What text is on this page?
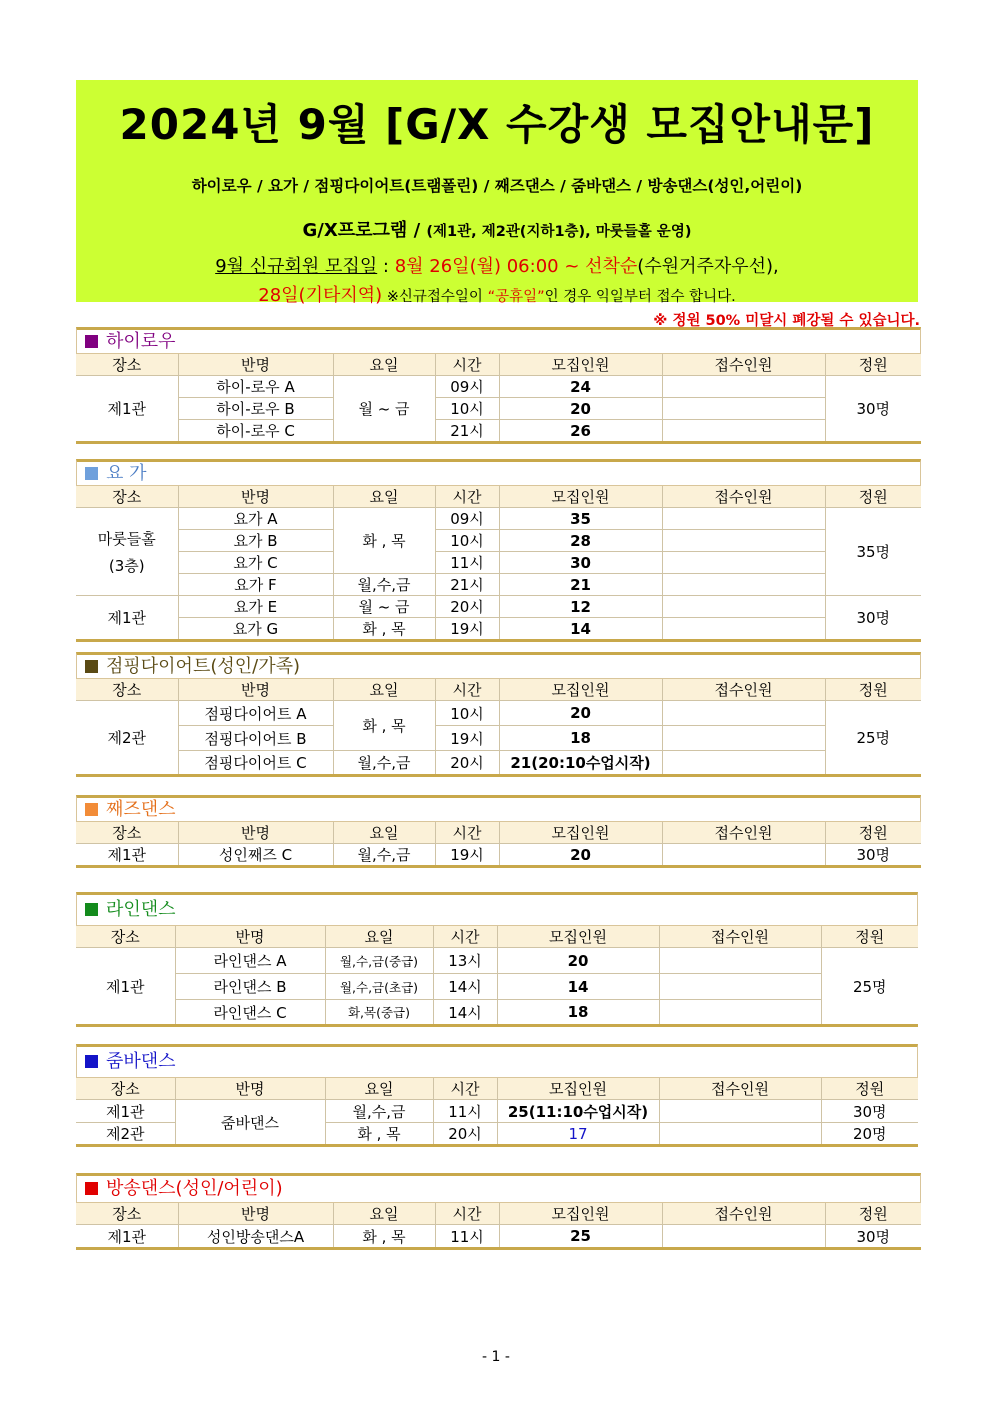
2024년 9월 [G/X 수강생 모집안내문]
하이로우 / 요가 / 점핑다이어트(트램폴린) / 째즈댄스 / 줌바댄스 / 방송댄스(성인,어린이)
G/X프로그램 / (제1관, 제2관(지하1층), 마룻들홀 운영)
9월 신규회원 모집일 : 8월 26일(월) 06:00 ~ 선착순(수원거주자우선),
28일(기타지역) ※신규접수일이 “공휴일”인 경우 익일부터 접수 합니다.
※ 정원 50% 미달시 폐강될 수 있습니다.
하이로우
장소	반명	요일	시간	모집인원	접수인원	정원
제1관	하이-로우 A	월 ~ 금	09시	24		30명
	하이-로우 B		10시	20		
	하이-로우 C		21시	26		
요 가
장소	반명	요일	시간	모집인원	접수인원	정원

마룻들홀
(3층)	요가 A	화 , 목	09시	35		35명
	요가 B		10시	28		
	요가 C		11시	30		
	요가 F	월,수,금	21시	21		
제1관	요가 E	월 ~ 금	20시	12		30명
	요가 G	화 , 목	19시	14		
점핑다이어트(성인/가족)
장소	반명	요일	시간	모집인원	접수인원	정원
제2관	점핑다이어트 A	화 , 목	10시	20		25명
	점핑다이어트 B		19시	18		
	점핑다이어트 C	월,수,금	20시	21(20:10수업시작)		
째즈댄스
장소	반명	요일	시간	모집인원	접수인원	정원
제1관	성인째즈 C	월,수,금	19시	20		30명
라인댄스
장소	반명	요일	시간	모집인원	접수인원	정원
제1관	라인댄스 A	월,수,금(중급)	13시	20		25명
	라인댄스 B	월,수,금(초급)	14시	14		
	라인댄스 C	화,목(중급)	14시	18		
줌바댄스
장소	반명	요일	시간	모집인원	접수인원	정원
제1관	줌바댄스	월,수,금	11시	25(11:10수업시작)		30명
제2관		화 , 목	20시	17		20명
방송댄스(성인/어린이)
장소	반명	요일	시간	모집인원	접수인원	정원
제1관	성인방송댄스A	화 , 목	11시	25		30명
- 1 -
